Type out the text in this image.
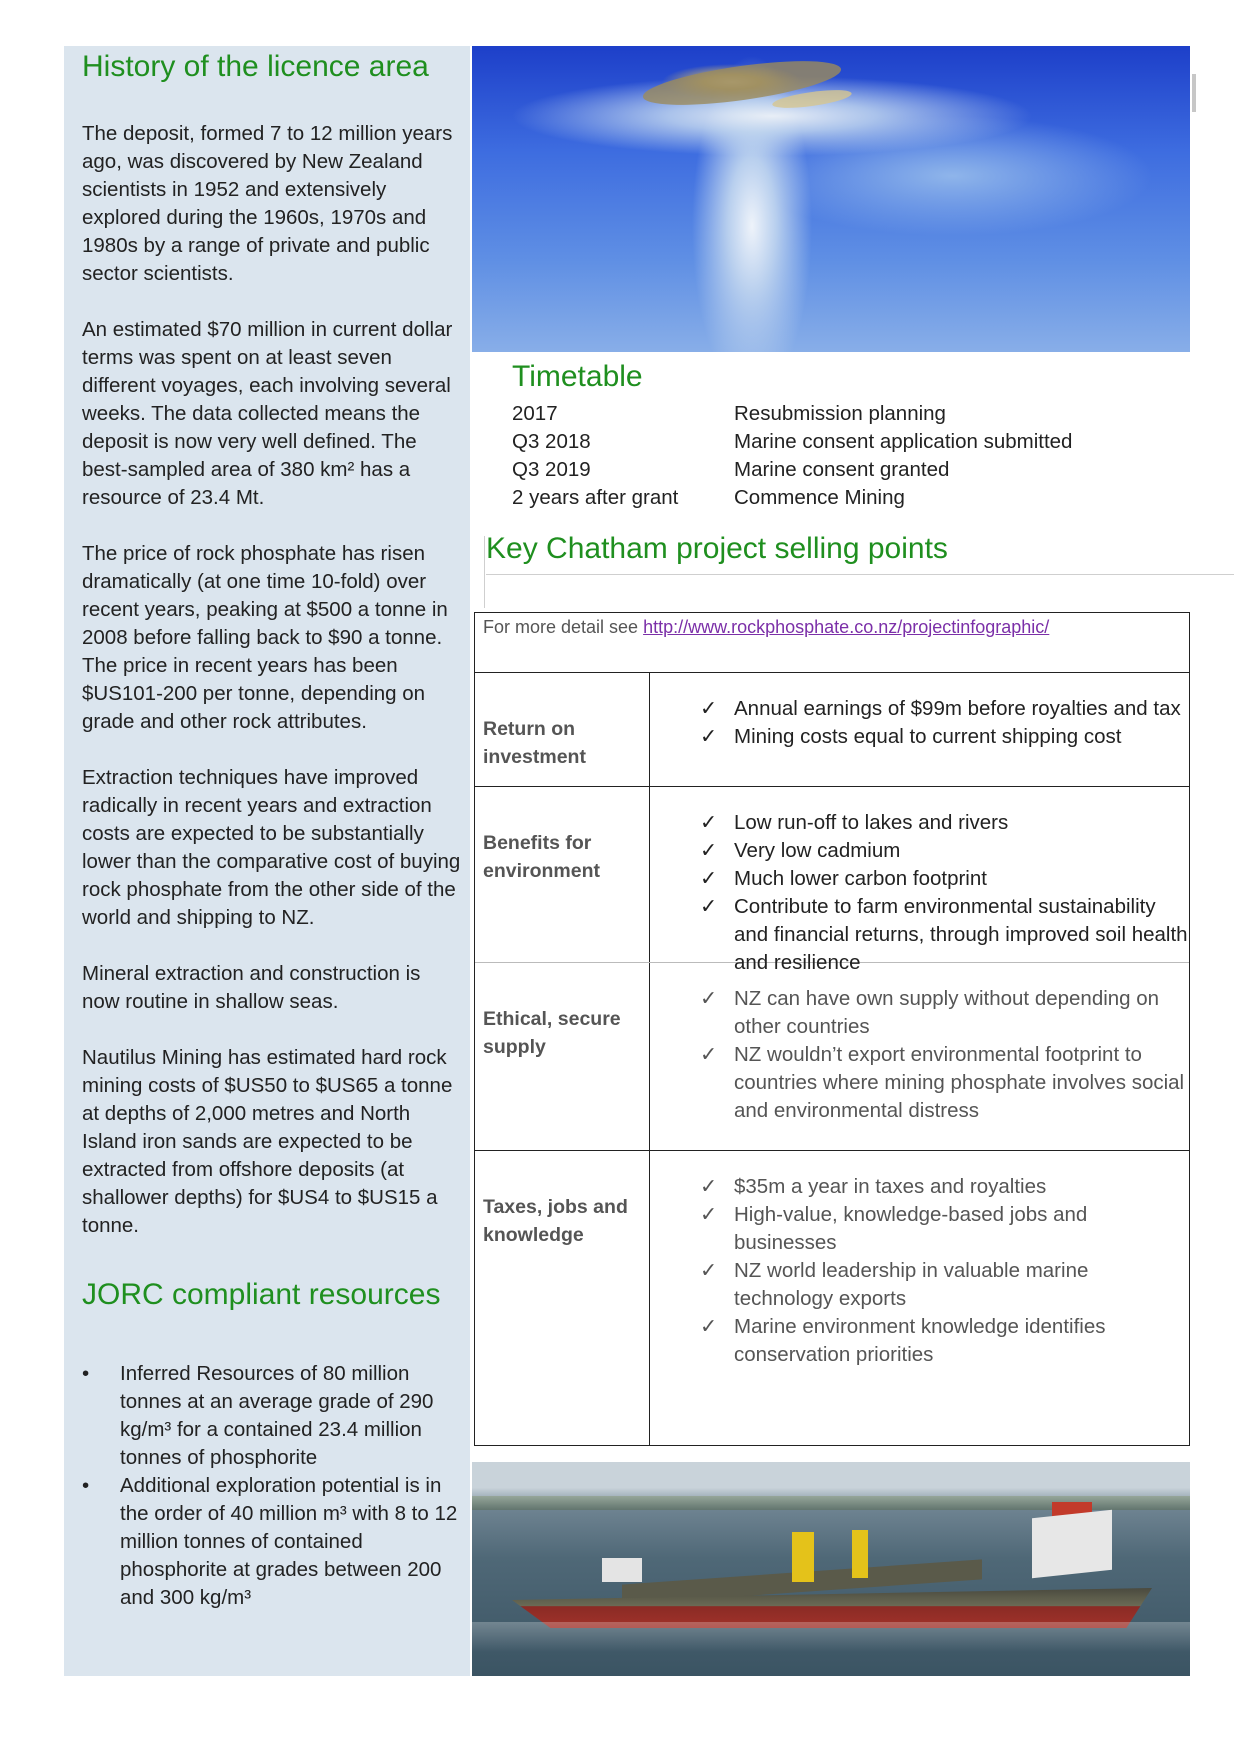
History of the licence area

The deposit, formed 7 to 12 million years ago, was discovered by New Zealand scientists in 1952 and extensively explored during the 1960s, 1970s and 1980s by a range of private and public sector scientists.

An estimated $70 million in current dollar terms was spent on at least seven different voyages, each involving several weeks. The data collected means the deposit is now very well defined. The best-sampled area of 380 km² has a resource of 23.4 Mt.

The price of rock phosphate has risen dramatically (at one time 10-fold) over recent years, peaking at $500 a tonne in 2008 before falling back to $90 a tonne. The price in recent years has been $US101-200 per tonne, depending on grade and other rock attributes.

Extraction techniques have improved radically in recent years and extraction costs are expected to be substantially lower than the comparative cost of buying rock phosphate from the other side of the world and shipping to NZ.

Mineral extraction and construction is now routine in shallow seas.

Nautilus Mining has estimated hard rock mining costs of $US50 to $US65 a tonne at depths of 2,000 metres and North Island iron sands are expected to be extracted from offshore deposits (at shallower depths) for $US4 to $US15 a tonne.

JORC compliant resources
• Inferred Resources of 80 million tonnes at an average grade of 290 kg/m³ for a contained 23.4 million tonnes of phosphorite
• Additional exploration potential is in the order of 40 million m³ with 8 to 12 million tonnes of contained phosphorite at grades between 200 and 300 kg/m³
Timetable
2017	Resubmission planning
Q3 2018	Marine consent application submitted
Q3 2019	Marine consent granted
2 years after grant	Commence Mining
Key Chatham project selling points
For more detail see http://www.rockphosphate.co.nz/projectinfographic/
Return on investment
✓ Annual earnings of $99m before royalties and tax
✓ Mining costs equal to current shipping cost
Benefits for environment
✓ Low run-off to lakes and rivers
✓ Very low cadmium
✓ Much lower carbon footprint
✓ Contribute to farm environmental sustainability and financial returns, through improved soil health and resilience
Ethical, secure supply
✓ NZ can have own supply without depending on other countries
✓ NZ wouldn’t export environmental footprint to countries where mining phosphate involves social and environmental distress
Taxes, jobs and knowledge
✓ $35m a year in taxes and royalties
✓ High-value, knowledge-based jobs and businesses
✓ NZ world leadership in valuable marine technology exports
✓ Marine environment knowledge identifies conservation priorities
